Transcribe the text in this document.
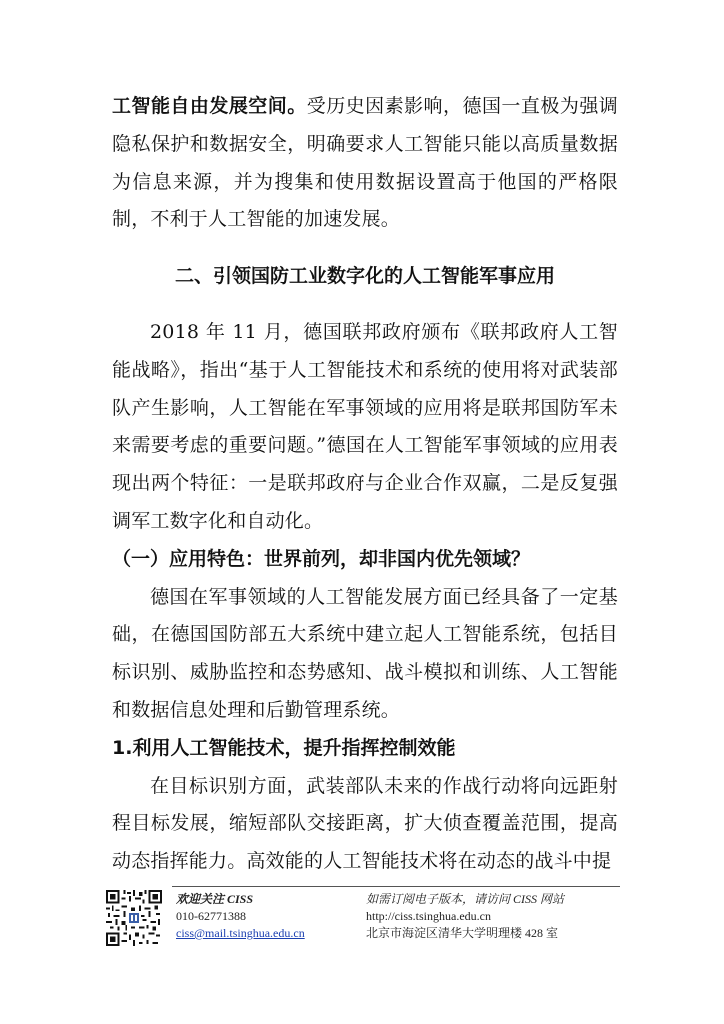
工智能自由发展空间。受历史因素影响，德国一直极为强调隐私保护和数据安全，明确要求人工智能只能以高质量数据为信息来源，并为搜集和使用数据设置高于他国的严格限制，不利于人工智能的加速发展。

二、引领国防工业数字化的人工智能军事应用

2018 年 11 月，德国联邦政府颁布《联邦政府人工智能战略》，指出“基于人工智能技术和系统的使用将对武装部队产生影响，人工智能在军事领域的应用将是联邦国防军未来需要考虑的重要问题。”德国在人工智能军事领域的应用表现出两个特征：一是联邦政府与企业合作双赢，二是反复强调军工数字化和自动化。

（一）应用特色：世界前列，却非国内优先领域？

德国在军事领域的人工智能发展方面已经具备了一定基础，在德国国防部五大系统中建立起人工智能系统，包括目标识别、威胁监控和态势感知、战斗模拟和训练、人工智能和数据信息处理和后勤管理系统。

1.利用人工智能技术，提升指挥控制效能

在目标识别方面，武装部队未来的作战行动将向远距射程目标发展，缩短部队交接距离，扩大侦查覆盖范围，提高动态指挥能力。高效能的人工智能技术将在动态的战斗中提

欢迎关注 CISS
010-62771388
ciss@mail.tsinghua.edu.cn
如需订阅电子版本，请访问 CISS 网站
http://ciss.tsinghua.edu.cn
北京市海淀区清华大学明理楼 428 室
